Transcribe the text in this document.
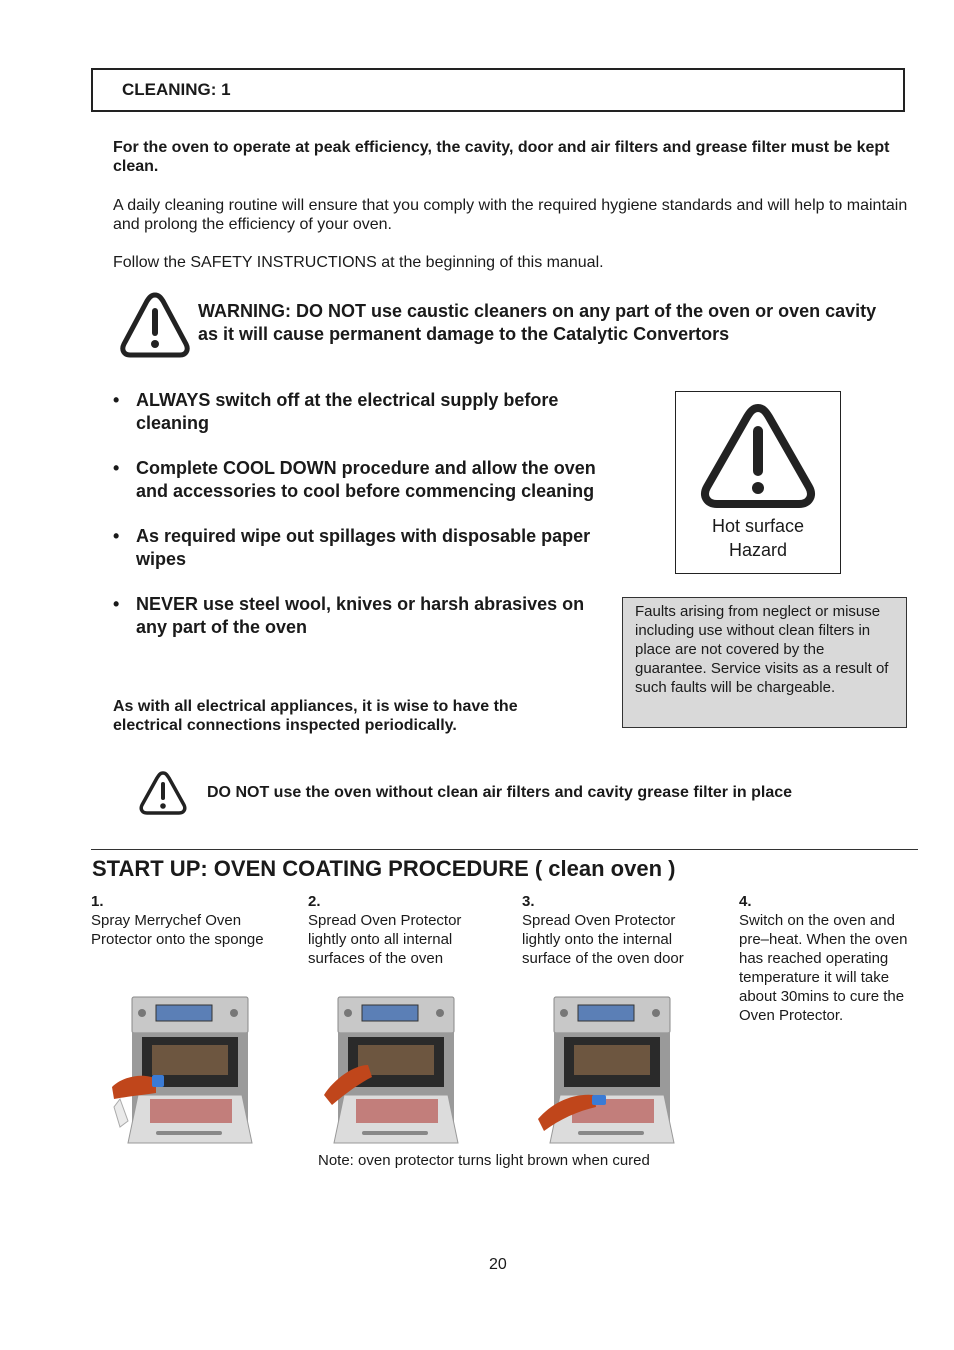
CLEANING: 1
For the oven to operate at peak efficiency, the cavity, door and air filters and grease filter must be kept clean.
A daily cleaning routine will ensure that you comply with the required hygiene standards and will help to maintain and prolong the efficiency of your oven.
Follow the SAFETY INSTRUCTIONS at the beginning of this manual.
WARNING: DO NOT use caustic cleaners on any part of the oven or oven cavity as it will cause permanent damage to the Catalytic Convertors
• ALWAYS switch off at the electrical supply before cleaning
• Complete COOL DOWN procedure and allow the oven and accessories to cool before commencing cleaning
• As required wipe out spillages with disposable paper wipes
• NEVER use steel wool, knives or harsh abrasives on any part of the oven
Hot surface
Hazard
Faults arising from neglect or misuse including use without clean filters in place are not covered by the guarantee. Service visits as a result of such faults will be chargeable.
As with all electrical appliances, it is wise to have the electrical connections inspected periodically.
DO NOT use the oven without clean air filters and cavity grease filter in place
START UP: OVEN COATING PROCEDURE ( clean oven )
1.
Spray Merrychef Oven Protector onto the sponge
2.
Spread Oven Protector lightly onto all internal surfaces of the oven
3.
Spread Oven Protector lightly onto the internal surface of the oven door
4.
Switch on the oven and pre–heat. When the oven has reached operating temperature it will take about 30mins to cure the Oven Protector.
Note: oven protector turns light brown when cured
20
